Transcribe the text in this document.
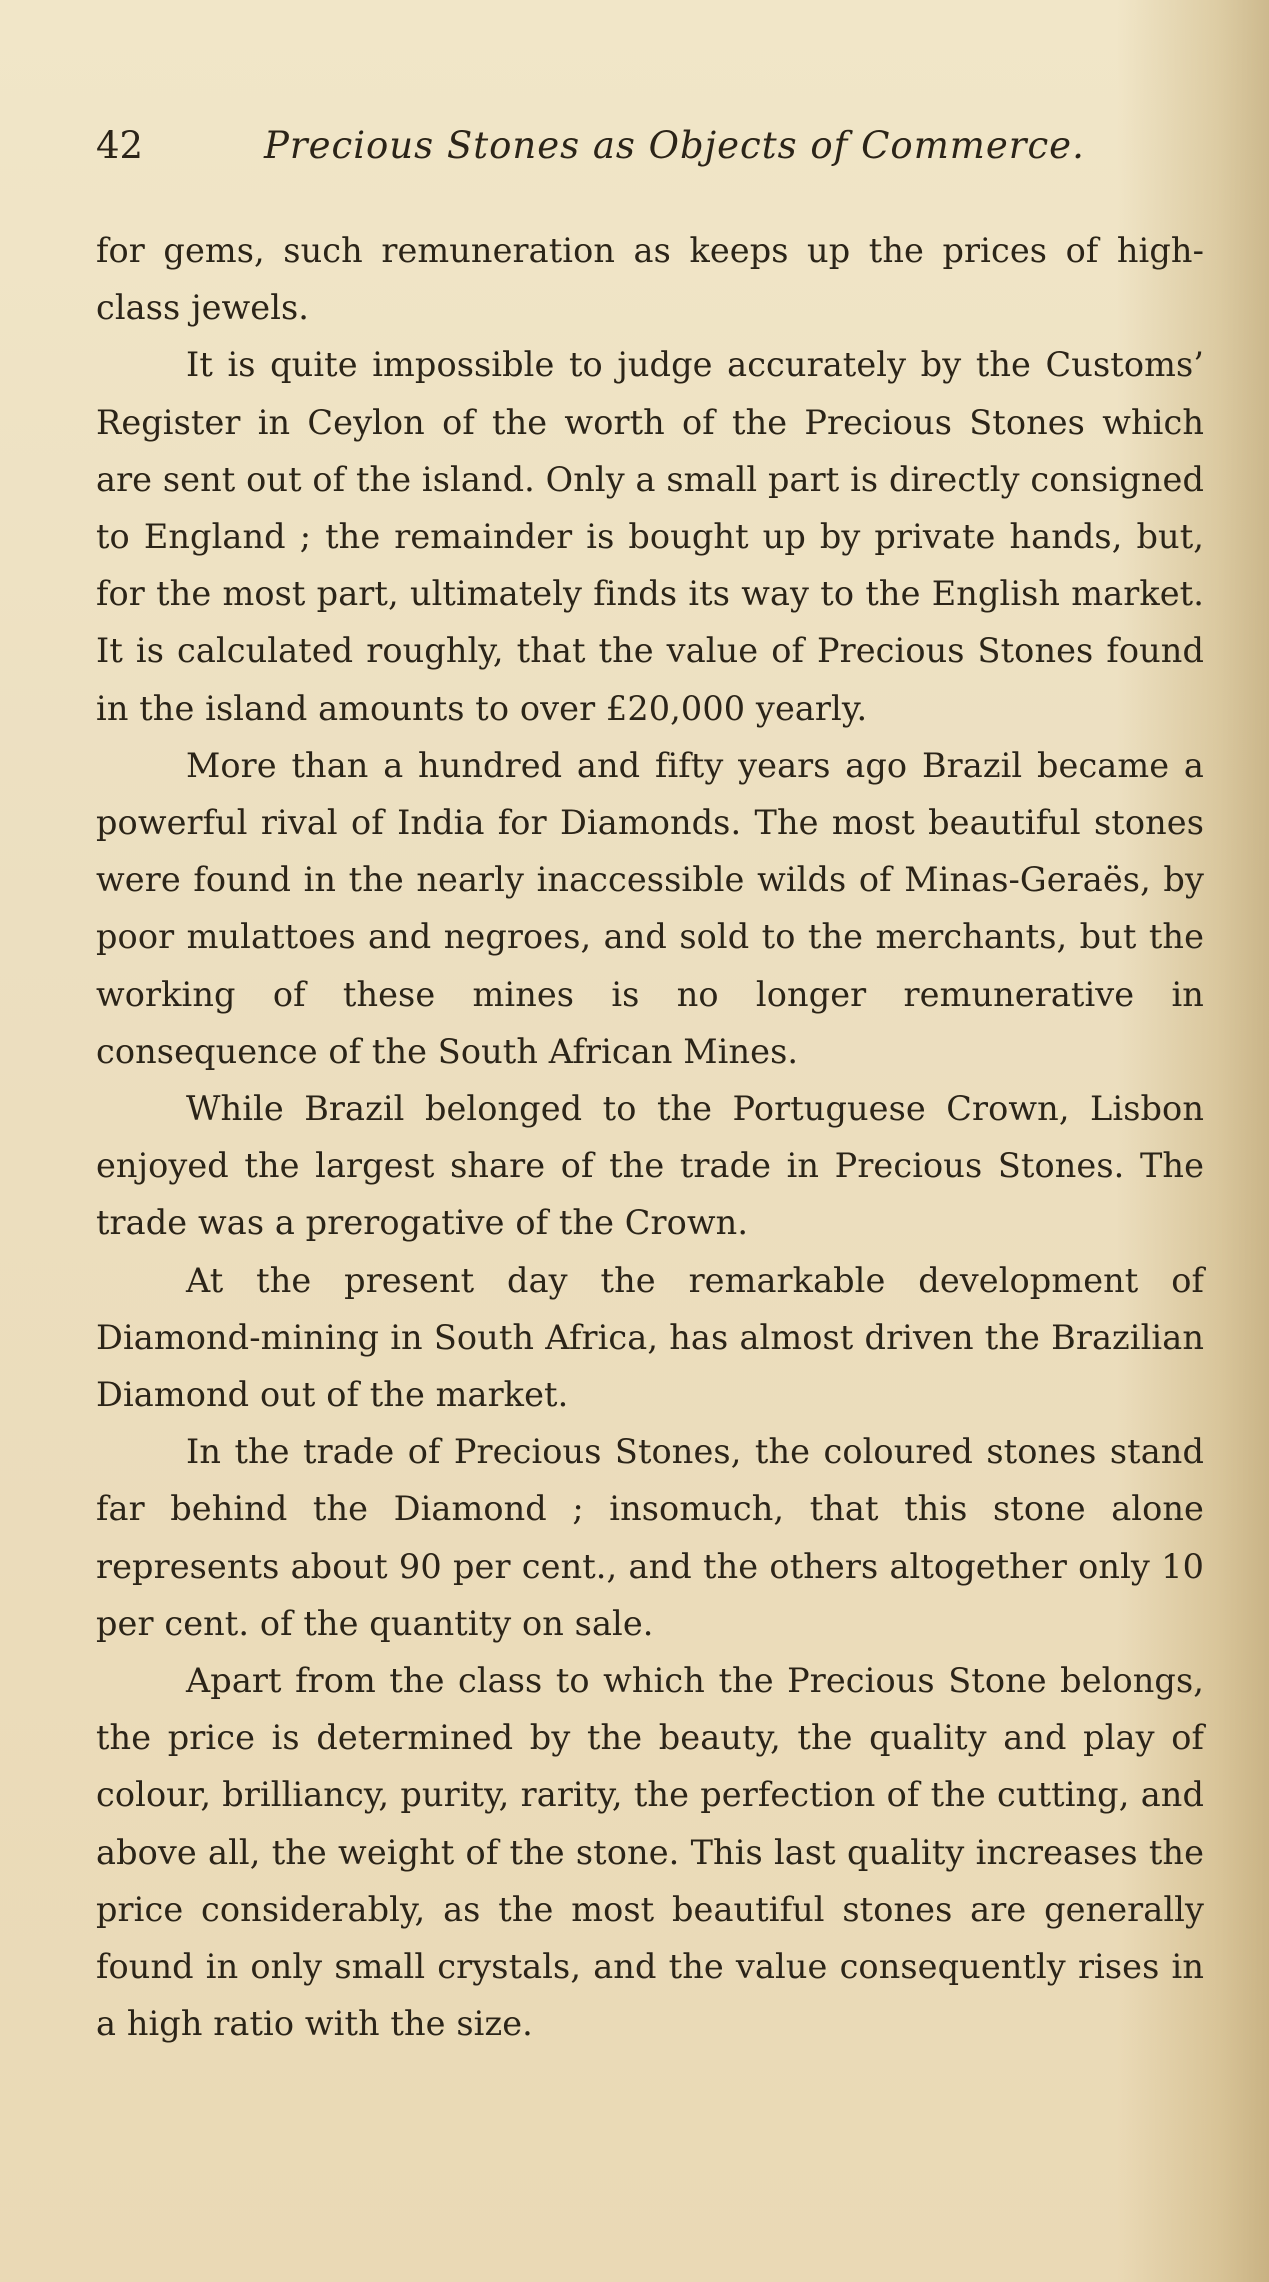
42	Precious Stones as Objects of Commerce.

for gems, such remuneration as keeps up the prices of high-class jewels.

It is quite impossible to judge accurately by the Customs’ Register in Ceylon of the worth of the Precious Stones which are sent out of the island. Only a small part is directly consigned to England ; the remainder is bought up by private hands, but, for the most part, ultimately finds its way to the English market. It is calculated roughly, that the value of Precious Stones found in the island amounts to over £20,000 yearly.

More than a hundred and fifty years ago Brazil became a powerful rival of India for Diamonds. The most beautiful stones were found in the nearly inaccessible wilds of Minas-Geraës, by poor mulattoes and negroes, and sold to the merchants, but the working of these mines is no longer remunerative in consequence of the South African Mines.

While Brazil belonged to the Portuguese Crown, Lisbon enjoyed the largest share of the trade in Precious Stones. The trade was a prerogative of the Crown.

At the present day the remarkable development of Diamond-mining in South Africa, has almost driven the Brazilian Diamond out of the market.

In the trade of Precious Stones, the coloured stones stand far behind the Diamond ; insomuch, that this stone alone represents about 90 per cent., and the others altogether only 10 per cent. of the quantity on sale.

Apart from the class to which the Precious Stone belongs, the price is determined by the beauty, the quality and play of colour, brilliancy, purity, rarity, the perfection of the cutting, and above all, the weight of the stone. This last quality increases the price considerably, as the most beautiful stones are generally found in only small crystals, and the value consequently rises in a high ratio with the size.
